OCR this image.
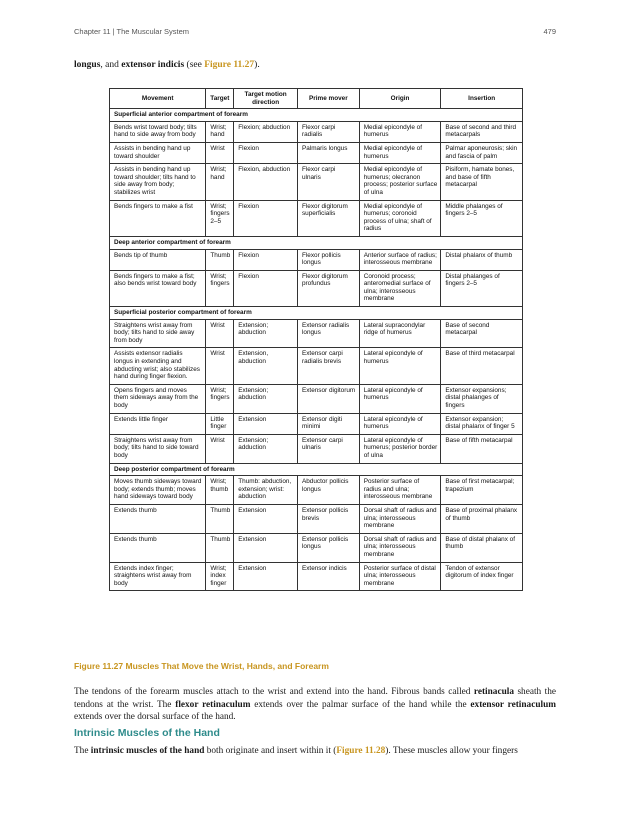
Chapter 11 | The Muscular System	479

longus, and extensor indicis (see Figure 11.27).

Movement	Target	Target motion direction	Prime mover	Origin	Insertion
Superficial anterior compartment of forearm					
Bends wrist toward body; tilts hand to side away from body	Wrist; hand	Flexion; abduction	Flexor carpi radialis	Medial epicondyle of humerus	Base of second and third metacarpals
Assists in bending hand up toward shoulder	Wrist	Flexion	Palmaris longus	Medial epicondyle of humerus	Palmar aponeurosis; skin and fascia of palm
Assists in bending hand up toward shoulder; tilts hand to side away from body; stabilizes wrist	Wrist; hand	Flexion, abduction	Flexor carpi ulnaris	Medial epicondyle of humerus; olecranon process; posterior surface of ulna	Pisiform, hamate bones, and base of fifth metacarpal
Bends fingers to make a fist	Wrist; fingers 2–5	Flexion	Flexor digitorum superficialis	Medial epicondyle of humerus; coronoid process of ulna; shaft of radius	Middle phalanges of fingers 2–5
Deep anterior compartment of forearm					
Bends tip of thumb	Thumb	Flexion	Flexor pollicis longus	Anterior surface of radius; interosseous membrane	Distal phalanx of thumb
Bends fingers to make a fist; also bends wrist toward body	Wrist; fingers	Flexion	Flexor digitorum profundus	Coronoid process; anteromedial surface of ulna; interosseous membrane	Distal phalanges of fingers 2–5
Superficial posterior compartment of forearm					
Straightens wrist away from body; tilts hand to side away from body	Wrist	Extension; abduction	Extensor radialis longus	Lateral supracondylar ridge of humerus	Base of second metacarpal
Assists extensor radialis longus in extending and abducting wrist; also stabilizes hand during finger flexion.	Wrist	Extension, abduction	Extensor carpi radialis brevis	Lateral epicondyle of humerus	Base of third metacarpal
Opens fingers and moves them sideways away from the body	Wrist; fingers	Extension; abduction	Extensor digitorum	Lateral epicondyle of humerus	Extensor expansions; distal phalanges of fingers
Extends little finger	Little finger	Extension	Extensor digiti minimi	Lateral epicondyle of humerus	Extensor expansion; distal phalanx of finger 5
Straightens wrist away from body; tilts hand to side toward body	Wrist	Extension; adduction	Extensor carpi ulnaris	Lateral epicondyle of humerus; posterior border of ulna	Base of fifth metacarpal
Deep posterior compartment of forearm					
Moves thumb sideways toward body; extends thumb; moves hand sideways toward body	Wrist; thumb	Thumb: abduction, extension; wrist: abduction	Abductor pollicis longus	Posterior surface of radius and ulna; interosseous membrane	Base of first metacarpal; trapezium
Extends thumb	Thumb	Extension	Extensor pollicis brevis	Dorsal shaft of radius and ulna; interosseous membrane	Base of proximal phalanx of thumb
Extends thumb	Thumb	Extension	Extensor pollicis longus	Dorsal shaft of radius and ulna; interosseous membrane	Base of distal phalanx of thumb
Extends index finger; straightens wrist away from body	Wrist; index finger	Extension	Extensor indicis	Posterior surface of distal ulna; interosseous membrane	Tendon of extensor digitorum of index finger

Figure 11.27 Muscles That Move the Wrist, Hands, and Forearm

The tendons of the forearm muscles attach to the wrist and extend into the hand. Fibrous bands called retinacula sheath the tendons at the wrist. The flexor retinaculum extends over the palmar surface of the hand while the extensor retinaculum extends over the dorsal surface of the hand.

Intrinsic Muscles of the Hand

The intrinsic muscles of the hand both originate and insert within it (Figure 11.28). These muscles allow your fingers
